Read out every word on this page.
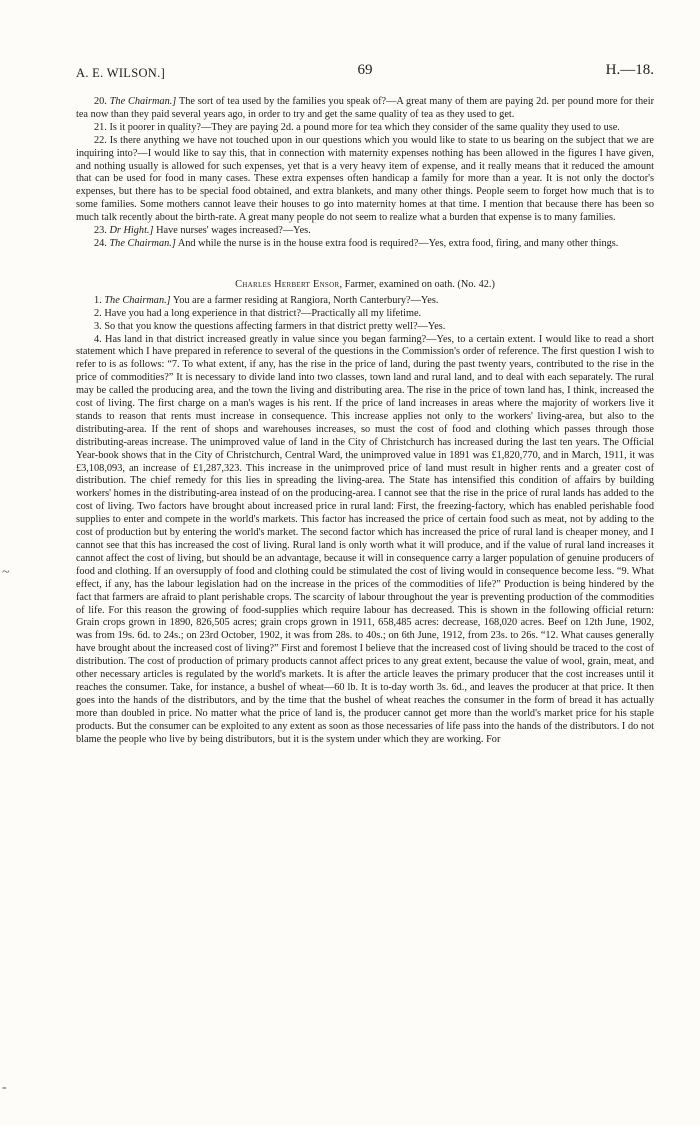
A. E. WILSON.]	69	H.—18.
~
-

20. The Chairman.] The sort of tea used by the families you speak of?—A great many of them are paying 2d. per pound more for their tea now than they paid several years ago, in order to try and get the same quality of tea as they used to get.

21. Is it poorer in quality?—They are paying 2d. a pound more for tea which they consider of the same quality they used to use.

22. Is there anything we have not touched upon in our questions which you would like to state to us bearing on the subject that we are inquiring into?—I would like to say this, that in connection with maternity expenses nothing has been allowed in the figures I have given, and nothing usually is allowed for such expenses, yet that is a very heavy item of expense, and it really means that it reduced the amount that can be used for food in many cases. These extra expenses often handicap a family for more than a year. It is not only the doctor's expenses, but there has to be special food obtained, and extra blankets, and many other things. People seem to forget how much that is to some families. Some mothers cannot leave their houses to go into maternity homes at that time. I mention that because there has been so much talk recently about the birth-rate. A great many people do not seem to realize what a burden that expense is to many families.

23. Dr Hight.] Have nurses' wages increased?—Yes.

24. The Chairman.] And while the nurse is in the house extra food is required?—Yes, extra food, firing, and many other things.

Charles Herbert Ensor, Farmer, examined on oath. (No. 42.)

1. The Chairman.] You are a farmer residing at Rangiora, North Canterbury?—Yes.

2. Have you had a long experience in that district?—Practically all my lifetime.

3. So that you know the questions affecting farmers in that district pretty well?—Yes.

4. Has land in that district increased greatly in value since you began farming?—Yes, to a certain extent. I would like to read a short statement which I have prepared in reference to several of the questions in the Commission's order of reference. The first question I wish to refer to is as follows: “7. To what extent, if any, has the rise in the price of land, during the past twenty years, contributed to the rise in the price of commodities?” It is necessary to divide land into two classes, town land and rural land, and to deal with each separately. The rural may be called the producing area, and the town the living and distributing area. The rise in the price of town land has, I think, increased the cost of living. The first charge on a man's wages is his rent. If the price of land increases in areas where the majority of workers live it stands to reason that rents must increase in consequence. This increase applies not only to the workers' living-area, but also to the distributing-area. If the rent of shops and warehouses increases, so must the cost of food and clothing which passes through those distributing-areas increase. The unimproved value of land in the City of Christchurch has increased during the last ten years. The Official Year-book shows that in the City of Christchurch, Central Ward, the unimproved value in 1891 was £1,820,770, and in March, 1911, it was £3,108,093, an increase of £1,287,323. This increase in the unimproved price of land must result in higher rents and a greater cost of distribution. The chief remedy for this lies in spreading the living-area. The State has intensified this condition of affairs by building workers' homes in the distributing-area instead of on the producing-area. I cannot see that the rise in the price of rural lands has added to the cost of living. Two factors have brought about increased price in rural land: First, the freezing-factory, which has enabled perishable food supplies to enter and compete in the world's markets. This factor has increased the price of certain food such as meat, not by adding to the cost of production but by entering the world's market. The second factor which has increased the price of rural land is cheaper money, and I cannot see that this has increased the cost of living. Rural land is only worth what it will produce, and if the value of rural land increases it cannot affect the cost of living, but should be an advantage, because it will in consequence carry a larger population of genuine producers of food and clothing. If an oversupply of food and clothing could be stimulated the cost of living would in consequence become less. “9. What effect, if any, has the labour legislation had on the increase in the prices of the commodities of life?” Production is being hindered by the fact that farmers are afraid to plant perishable crops. The scarcity of labour throughout the year is preventing production of the commodities of life. For this reason the growing of food-supplies which require labour has decreased. This is shown in the following official return: Grain crops grown in 1890, 826,505 acres; grain crops grown in 1911, 658,485 acres: decrease, 168,020 acres. Beef on 12th June, 1902, was from 19s. 6d. to 24s.; on 23rd October, 1902, it was from 28s. to 40s.; on 6th June, 1912, from 23s. to 26s. “12. What causes generally have brought about the increased cost of living?” First and foremost I believe that the increased cost of living should be traced to the cost of distribution. The cost of production of primary products cannot affect prices to any great extent, because the value of wool, grain, meat, and other necessary articles is regulated by the world's markets. It is after the article leaves the primary producer that the cost increases until it reaches the consumer. Take, for instance, a bushel of wheat—60 lb. It is to-day worth 3s. 6d., and leaves the producer at that price. It then goes into the hands of the distributors, and by the time that the bushel of wheat reaches the consumer in the form of bread it has actually more than doubled in price. No matter what the price of land is, the producer cannot get more than the world's market price for his staple products. But the consumer can be exploited to any extent as soon as those necessaries of life pass into the hands of the distributors. I do not blame the people who live by being distributors, but it is the system under which they are working. For
